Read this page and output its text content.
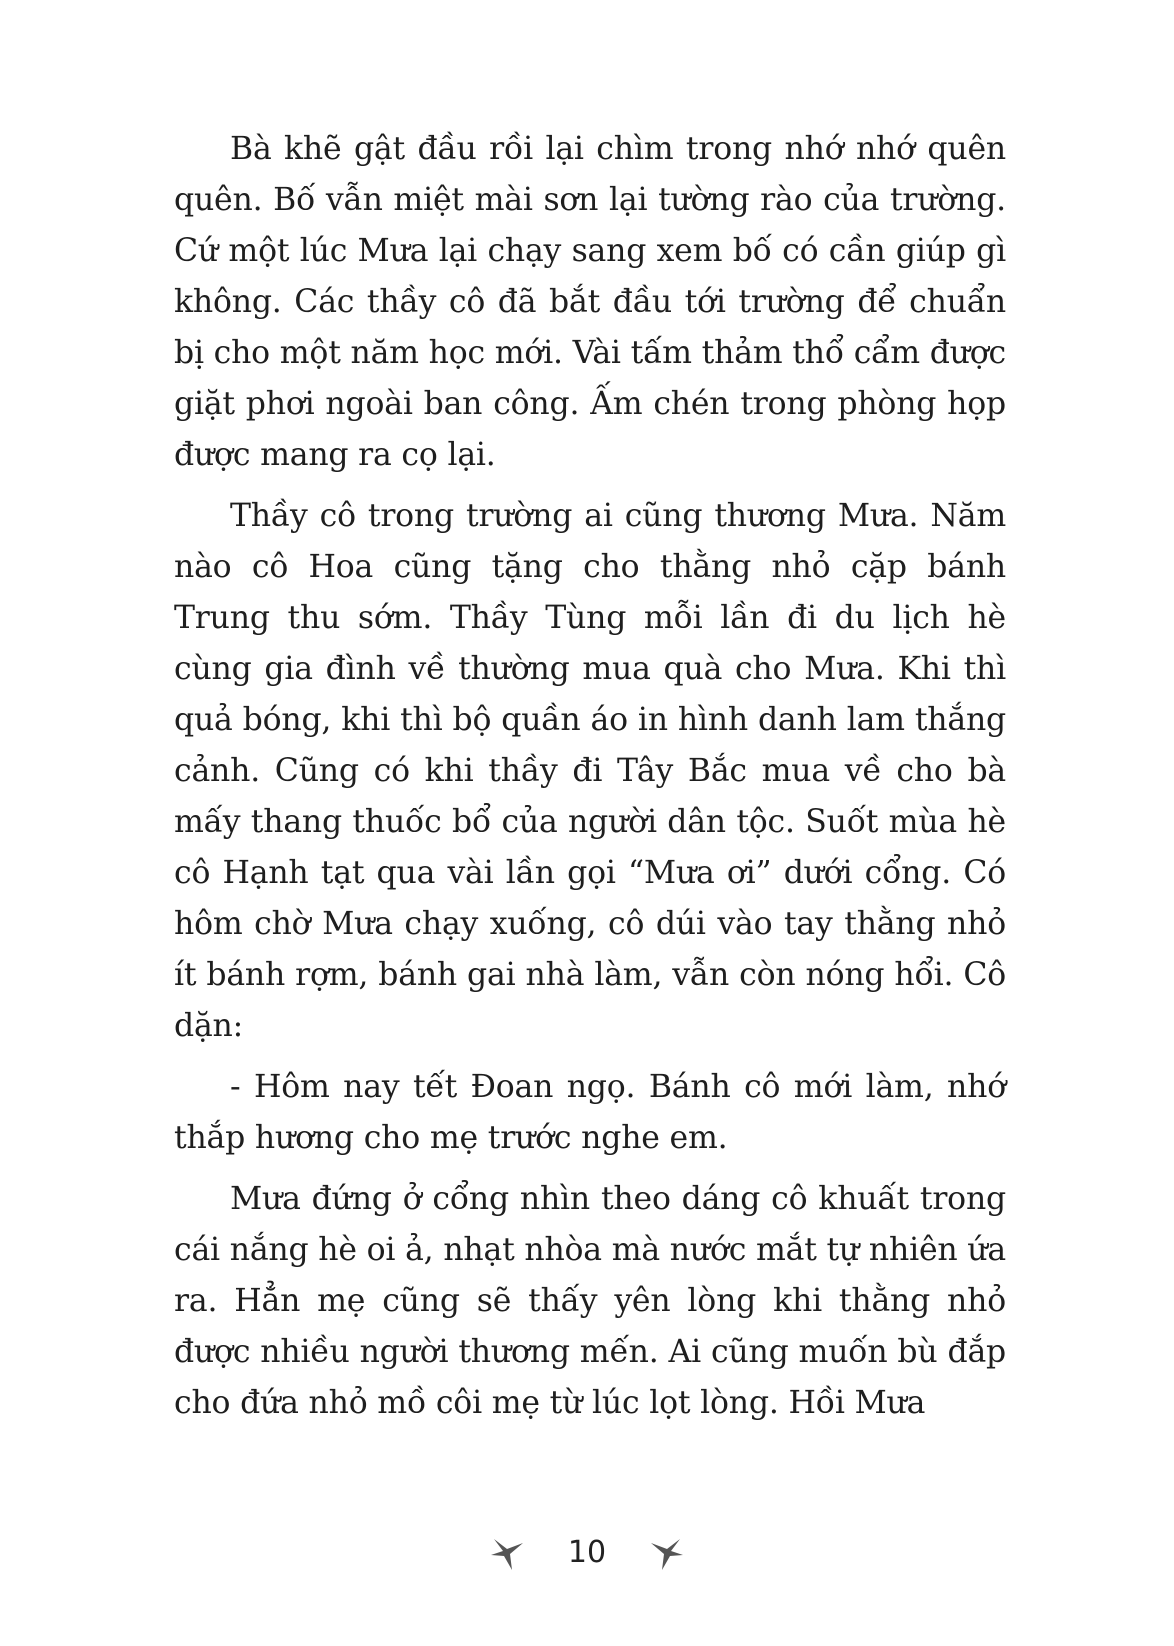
Bà khẽ gật đầu rồi lại chìm trong nhớ nhớ quên quên. Bố vẫn miệt mài sơn lại tường rào của trường. Cứ một lúc Mưa lại chạy sang xem bố có cần giúp gì không. Các thầy cô đã bắt đầu tới trường để chuẩn bị cho một năm học mới. Vài tấm thảm thổ cẩm được giặt phơi ngoài ban công. Ấm chén trong phòng họp được mang ra cọ lại.

Thầy cô trong trường ai cũng thương Mưa. Năm nào cô Hoa cũng tặng cho thằng nhỏ cặp bánh Trung thu sớm. Thầy Tùng mỗi lần đi du lịch hè cùng gia đình về thường mua quà cho Mưa. Khi thì quả bóng, khi thì bộ quần áo in hình danh lam thắng cảnh. Cũng có khi thầy đi Tây Bắc mua về cho bà mấy thang thuốc bổ của người dân tộc. Suốt mùa hè cô Hạnh tạt qua vài lần gọi “Mưa ơi” dưới cổng. Có hôm chờ Mưa chạy xuống, cô dúi vào tay thằng nhỏ ít bánh rợm, bánh gai nhà làm, vẫn còn nóng hổi. Cô dặn:

- Hôm nay tết Đoan ngọ. Bánh cô mới làm, nhớ thắp hương cho mẹ trước nghe em.

Mưa đứng ở cổng nhìn theo dáng cô khuất trong cái nắng hè oi ả, nhạt nhòa mà nước mắt tự nhiên ứa ra. Hẳn mẹ cũng sẽ thấy yên lòng khi thằng nhỏ được nhiều người thương mến. Ai cũng muốn bù đắp cho đứa nhỏ mồ côi mẹ từ lúc lọt lòng. Hồi Mưa

10
